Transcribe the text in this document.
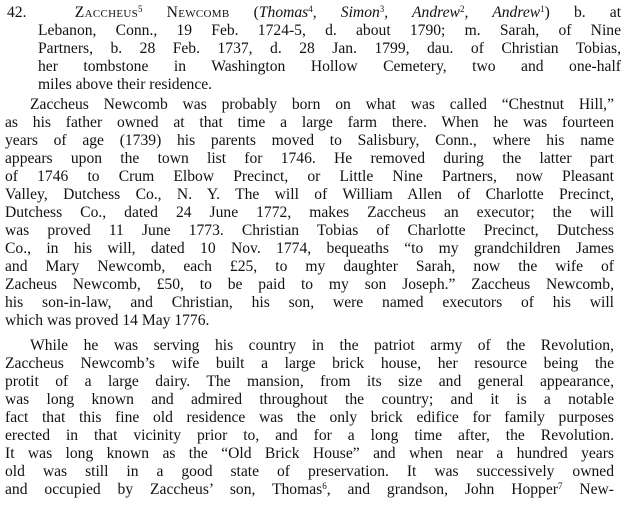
42.	Zaccheus$^5$ Newcomb (Thomas$^4$, Simon$^3$, Andrew$^2$, Andrew$^1$) b. at
Lebanon, Conn., 19 Feb. 1724-5, d. about 1790; m. Sarah, of Nine
Partners, b. 28 Feb. 1737, d. 28 Jan. 1799, dau. of Christian Tobias,
her tombstone in Washington Hollow Cemetery, two and one-half
miles above their residence.
Zaccheus Newcomb was probably born on what was called “Chestnut Hill,”
as his father owned at that time a large farm there. When he was fourteen
years of age (1739) his parents moved to Salisbury, Conn., where his name
appears upon the town list for 1746. He removed during the latter part
of 1746 to Crum Elbow Precinct, or Little Nine Partners, now Pleasant
Valley, Dutchess Co., N. Y. The will of William Allen of Charlotte Precinct,
Dutchess Co., dated 24 June 1772, makes Zaccheus an executor; the will
was proved 11 June 1773. Christian Tobias of Charlotte Precinct, Dutchess
Co., in his will, dated 10 Nov. 1774, bequeaths “to my grandchildren James
and Mary Newcomb, each £25, to my daughter Sarah, now the wife of
Zacheus Newcomb, £50, to be paid to my son Joseph.” Zaccheus Newcomb,
his son-in-law, and Christian, his son, were named executors of his will
which was proved 14 May 1776.
While he was serving his country in the patriot army of the Revolution,
Zaccheus Newcomb’s wife built a large brick house, her resource being the
protit of a large dairy. The mansion, from its size and general appearance,
was long known and admired throughout the country; and it is a notable
fact that this fine old residence was the only brick edifice for family purposes
erected in that vicinity prior to, and for a long time after, the Revolution.
It was long known as the “Old Brick House” and when near a hundred years
old was still in a good state of preservation. It was successively owned
and occupied by Zaccheus’ son, Thomas$^6$, and grandson, John Hopper$^7$ New-
